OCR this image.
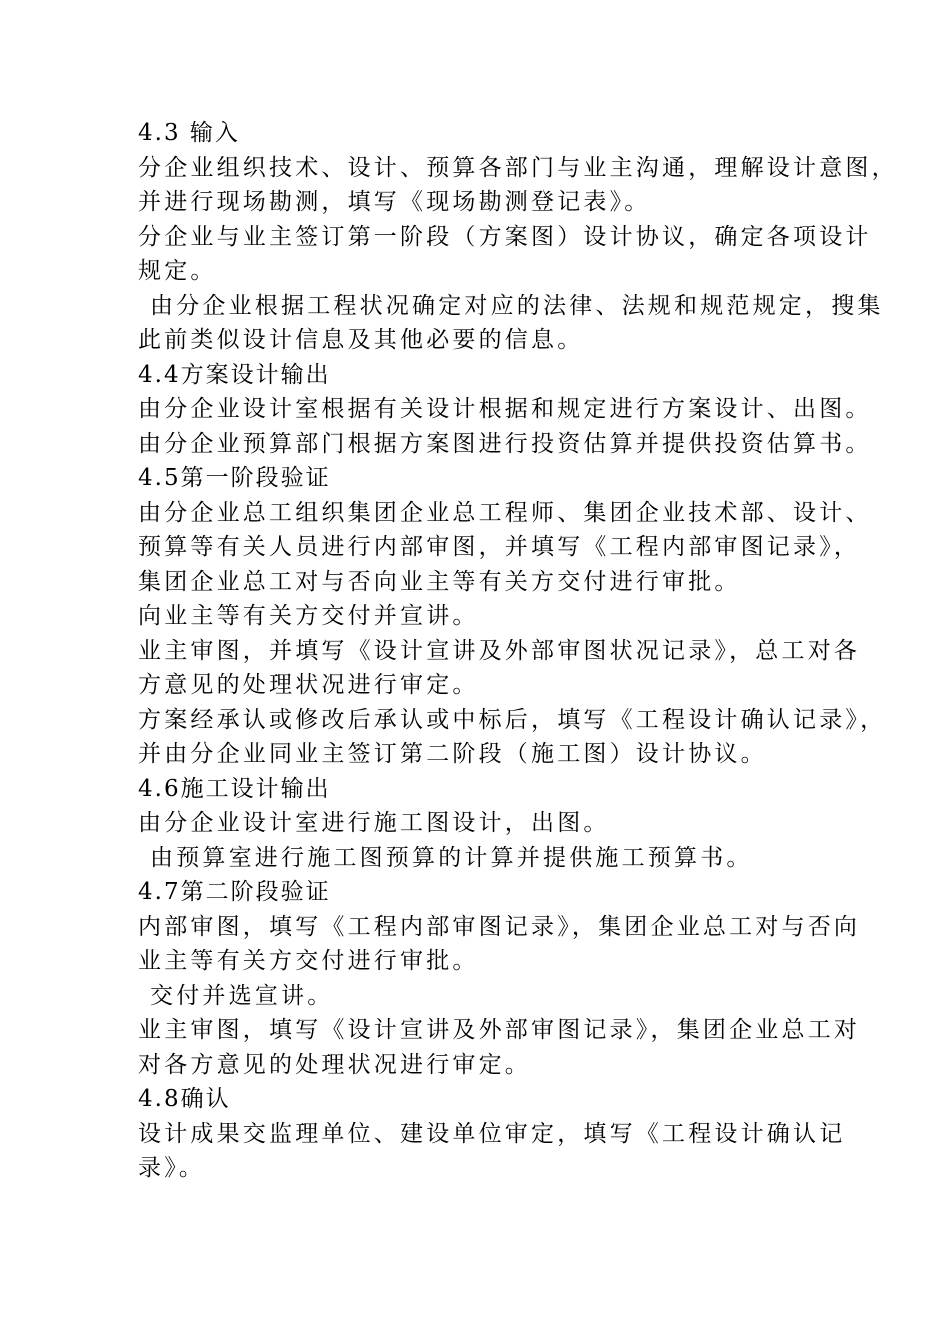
4.3 输入
分企业组织技术、设计、预算各部门与业主沟通，理解设计意图，
并进行现场勘测，填写《现场勘测登记表》。
分企业与业主签订第一阶段（方案图）设计协议，确定各项设计
规定。
由分企业根据工程状况确定对应的法律、法规和规范规定，搜集
此前类似设计信息及其他必要的信息。
4.4方案设计输出
由分企业设计室根据有关设计根据和规定进行方案设计、出图。
由分企业预算部门根据方案图进行投资估算并提供投资估算书。
4.5第一阶段验证
由分企业总工组织集团企业总工程师、集团企业技术部、设计、
预算等有关人员进行内部审图，并填写《工程内部审图记录》，
集团企业总工对与否向业主等有关方交付进行审批。
向业主等有关方交付并宣讲。
业主审图，并填写《设计宣讲及外部审图状况记录》，总工对各
方意见的处理状况进行审定。
方案经承认或修改后承认或中标后，填写《工程设计确认记录》，
并由分企业同业主签订第二阶段（施工图）设计协议。
4.6施工设计输出
由分企业设计室进行施工图设计，出图。
由预算室进行施工图预算的计算并提供施工预算书。
4.7第二阶段验证
内部审图，填写《工程内部审图记录》，集团企业总工对与否向
业主等有关方交付进行审批。
交付并选宣讲。
业主审图，填写《设计宣讲及外部审图记录》，集团企业总工对
对各方意见的处理状况进行审定。
4.8确认
设计成果交监理单位、建设单位审定，填写《工程设计确认记
录》。
